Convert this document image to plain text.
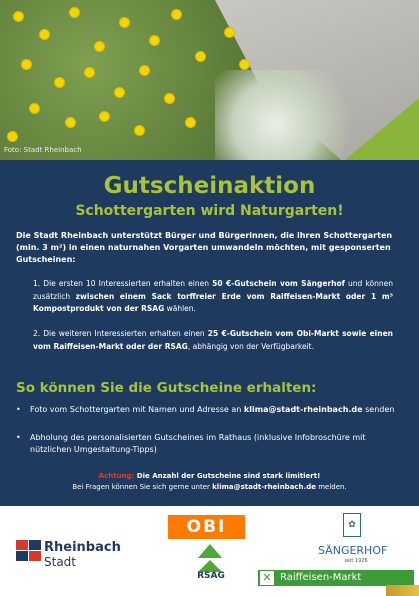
Foto: Stadt Rheinbach
Gutscheinaktion
Schottergarten wird Naturgarten!
Die Stadt Rheinbach unterstützt Bürger und Bürgerinnen, die ihren Schottergarten (min. 3 m²) in einen naturnahen Vorgarten umwandeln möchten, mit gesponserten Gutscheinen:
1. Die ersten 10 Interessierten erhalten einen 50 €-Gutschein vom Sängerhof und können zusätzlich zwischen einem Sack torffreier Erde vom Raiffeisen-Markt oder 1 m³ Kompostprodukt von der RSAG wählen.
2. Die weiteren Interessierten erhalten einen 25 €-Gutschein vom Obi-Markt sowie einen vom Raiffeisen-Markt oder der RSAG, abhängig von der Verfügbarkeit.
So können Sie die Gutscheine erhalten:
• Foto vom Schottergarten mit Namen und Adresse an klima@stadt-rheinbach.de senden
• Abholung des personalisierten Gutscheines im Rathaus (inklusive Infobroschüre mit nützlichen Umgestaltung-Tipps)
Achtung: Die Anzahl der Gutscheine sind stark limitiert!
Bei Fragen können Sie sich gerne unter klima@stadt-rheinbach.de melden.
Rheinbach
Stadt
OBI
RSAG
✿
SÄNGERHOF
seit 1926
✕ Raiffeisen-Markt
